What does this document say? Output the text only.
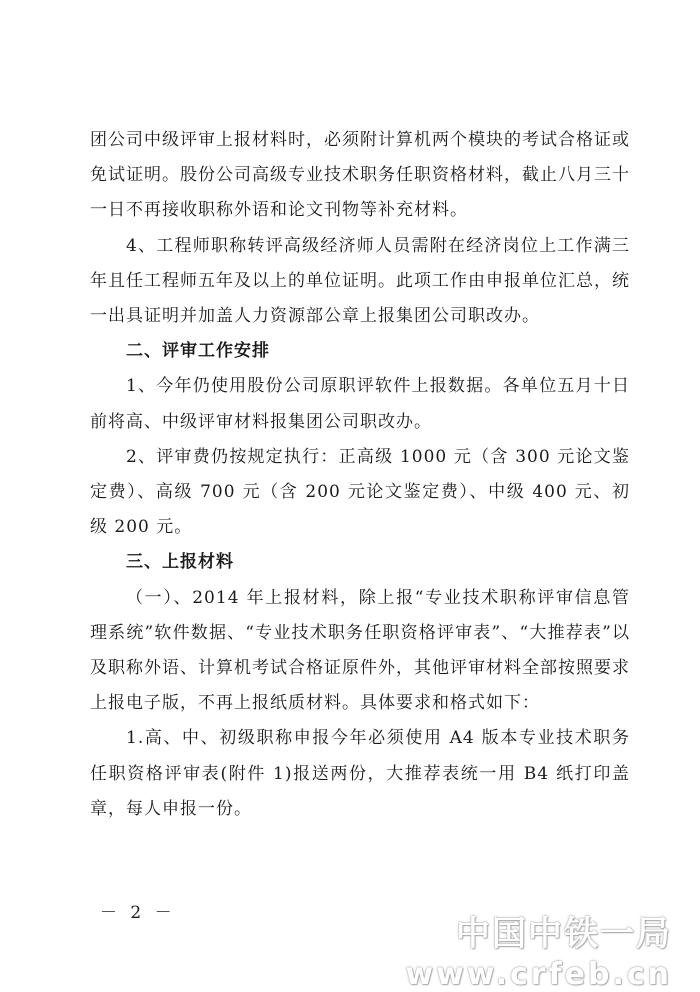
团公司中级评审上报材料时，必须附计算机两个模块的考试合格证或免试证明。股份公司高级专业技术职务任职资格材料，截止八月三十一日不再接收职称外语和论文刊物等补充材料。

4、工程师职称转评高级经济师人员需附在经济岗位上工作满三年且任工程师五年及以上的单位证明。此项工作由申报单位汇总，统一出具证明并加盖人力资源部公章上报集团公司职改办。

二、评审工作安排

1、今年仍使用股份公司原职评软件上报数据。各单位五月十日前将高、中级评审材料报集团公司职改办。

2、评审费仍按规定执行：正高级 1000 元（含 300 元论文鉴定费）、高级 700 元（含 200 元论文鉴定费）、中级 400 元、初级 200 元。

三、上报材料

（一）、2014 年上报材料，除上报“专业技术职称评审信息管理系统”软件数据、“专业技术职务任职资格评审表”、“大推荐表”以及职称外语、计算机考试合格证原件外，其他评审材料全部按照要求上报电子版，不再上报纸质材料。具体要求和格式如下：

1.高、中、初级职称申报今年必须使用 A4 版本专业技术职务任职资格评审表(附件 1)报送两份，大推荐表统一用 B4 纸打印盖章，每人申报一份。

－ 2 －
中国中铁一局
www.crfeb.cn
